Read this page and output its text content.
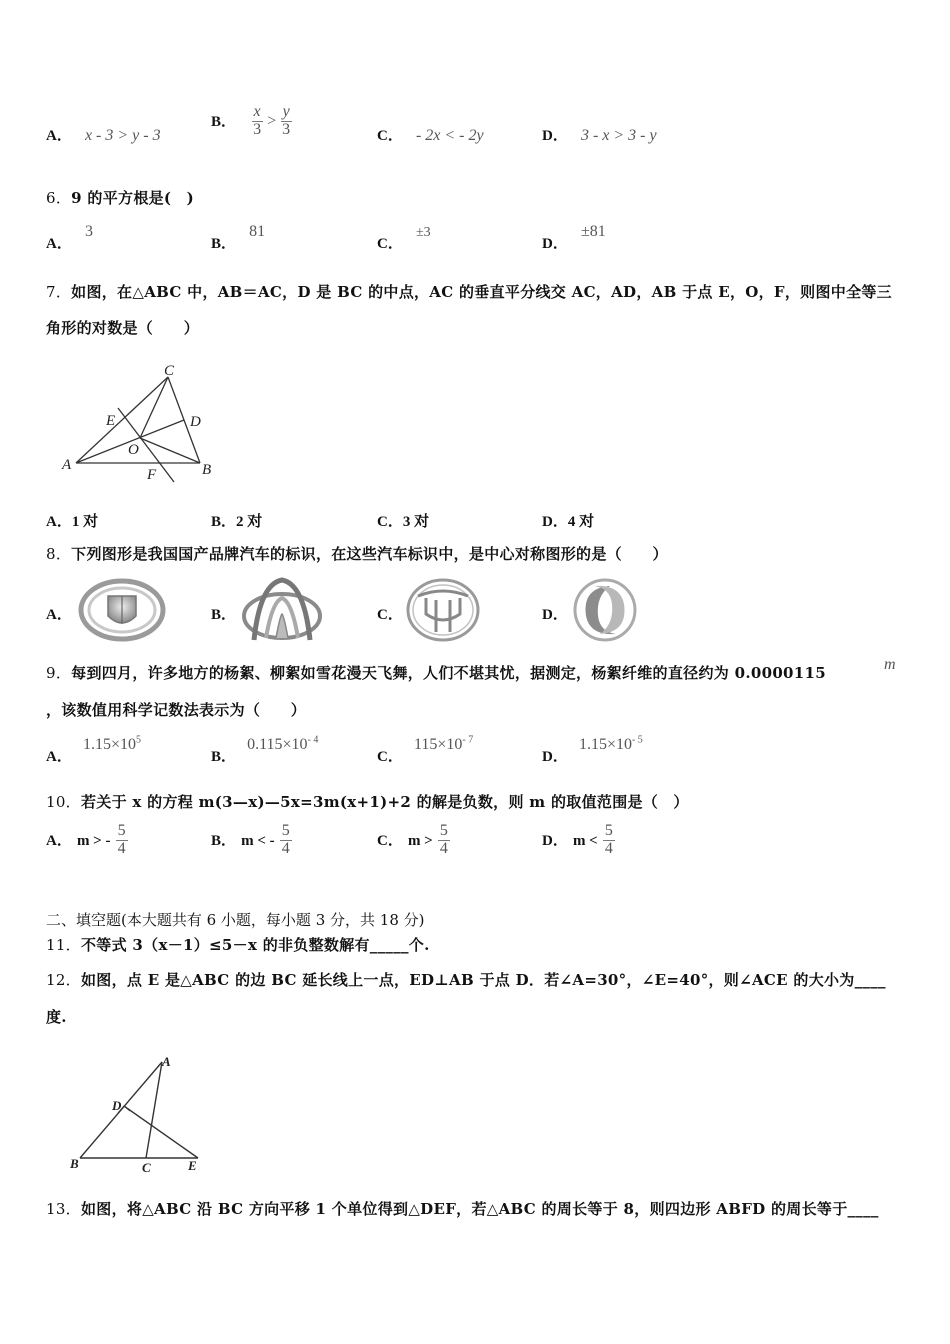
A． x - 3 > y - 3
B． $\frac{x}{3} > \frac{y}{3}$	C． - 2x < - 2y	D． 3 - x > 3 - y
6．9 的平方根是(　)
A． 3
B． 81
C． ±3
D． ±81
7．如图，在△ABC 中，AB＝AC，D 是 BC 的中点，AC 的垂直平分线交 AC，AD，AB 于点 E，O，F，则图中全等三
角形的对数是（　　）
C
E	D
O
A	B
F
A．1 对	B．2 对	C．3 对	D．4 对
8．下列图形是我国国产品牌汽车的标识，在这些汽车标识中，是中心对称图形的是（　　）
A．	B．	C．	D．
9．每到四月，许多地方的杨絮、柳絮如雪花漫天飞舞，人们不堪其忧，据测定，杨絮纤维的直径约为 0.0000115	m
，该数值用科学记数法表示为（　　）
A． $1.15\times 10^5$
B． $0.115\times 10^{- 4}$
C． $115\times 10^{- 7}$
D． $1.15\times 10^{- 5}$
10．若关于 x 的方程 m(3—x)—5x=3m(x+1)+2 的解是负数，则 m 的取值范围是（　）
A． m > - $\frac{5}{4}$	B． m < - $\frac{5}{4}$	C． $m > \frac{5}{4}$	D． $m < \frac{5}{4}$
二、填空题(本大题共有 6 小题，每小题 3 分，共 18 分)
11．不等式 3（x－1）≤5－x 的非负整数解有_____个.
12．如图，点 E 是△ABC 的边 BC 延长线上一点，ED⊥AB 于点 D．若∠A=30°，∠E=40°，则∠ACE 的大小为____
度.
A
D
B	C	E
13．如图，将△ABC 沿 BC 方向平移 1 个单位得到△DEF，若△ABC 的周长等于 8，则四边形 ABFD 的周长等于____
